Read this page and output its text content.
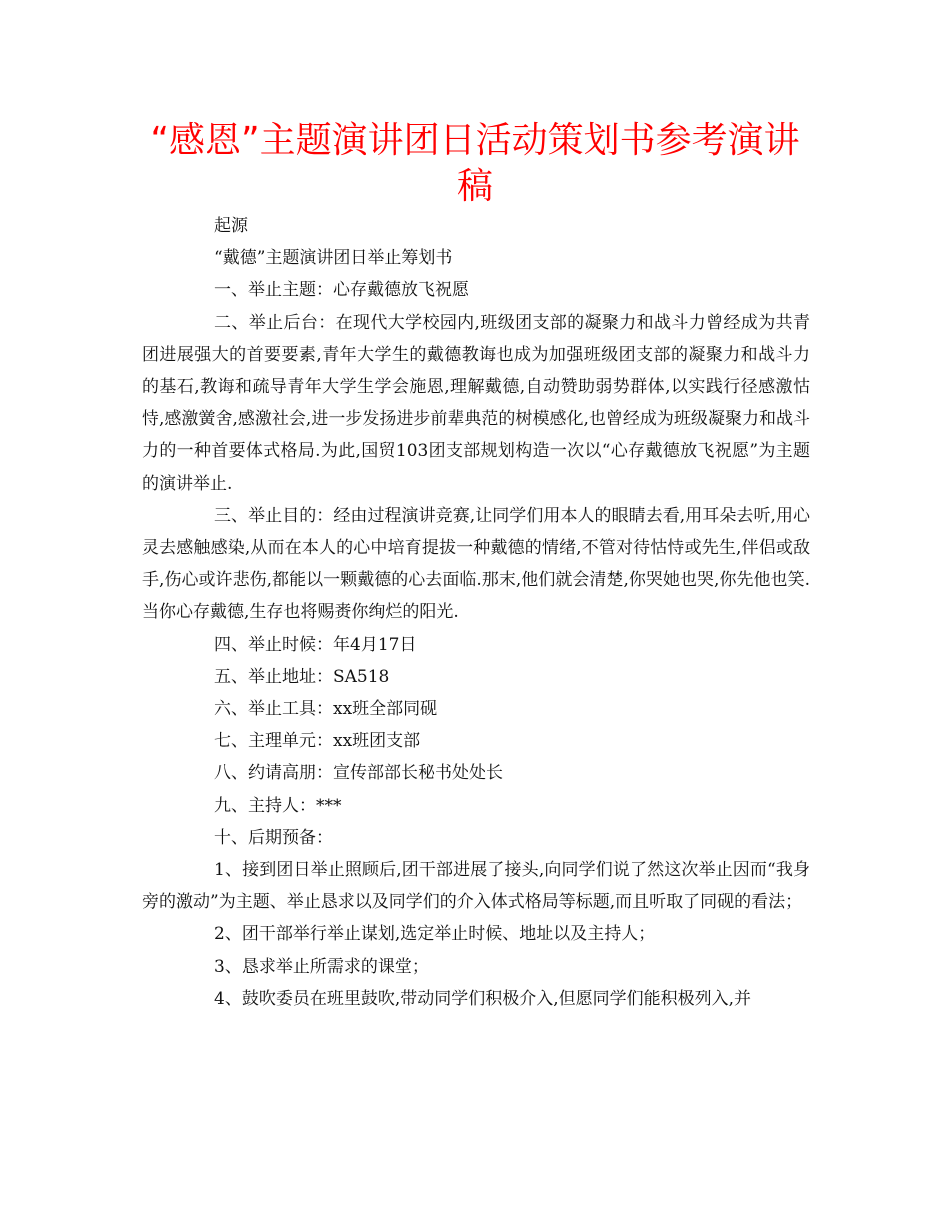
“感恩”主题演讲团日活动策划书参考演讲稿

起源

“戴德”主题演讲团日举止筹划书

一、举止主题：心存戴德放飞祝愿

二、举止后台：在现代大学校园内,班级团支部的凝聚力和战斗力曾经成为共青团进展强大的首要要素,青年大学生的戴德教诲也成为加强班级团支部的凝聚力和战斗力的基石,教诲和疏导青年大学生学会施恩,理解戴德,自动赞助弱势群体,以实践行径感激怙恃,感激黉舍,感激社会,进一步发扬进步前辈典范的树模感化,也曾经成为班级凝聚力和战斗力的一种首要体式格局.为此,国贸103团支部规划构造一次以“心存戴德放飞祝愿”为主题的演讲举止.

三、举止目的：经由过程演讲竞赛,让同学们用本人的眼睛去看,用耳朵去听,用心灵去感触感染,从而在本人的心中培育提拔一种戴德的情绪,不管对待怙恃或先生,伴侣或敌手,伤心或许悲伤,都能以一颗戴德的心去面临.那末,他们就会清楚,你哭她也哭,你先他也笑.当你心存戴德,生存也将赐赉你绚烂的阳光.

四、举止时候：年4月17日

五、举止地址：SA518

六、举止工具：xx班全部同砚

七、主理单元：xx班团支部

八、约请高朋：宣传部部长秘书处处长

九、主持人：***

十、后期预备：

1、接到团日举止照顾后,团干部进展了接头,向同学们说了然这次举止因而“我身旁的激动”为主题、举止恳求以及同学们的介入体式格局等标题,而且听取了同砚的看法；

2、团干部举行举止谋划,选定举止时候、地址以及主持人；

3、恳求举止所需求的课堂；

4、鼓吹委员在班里鼓吹,带动同学们积极介入,但愿同学们能积极列入,并
